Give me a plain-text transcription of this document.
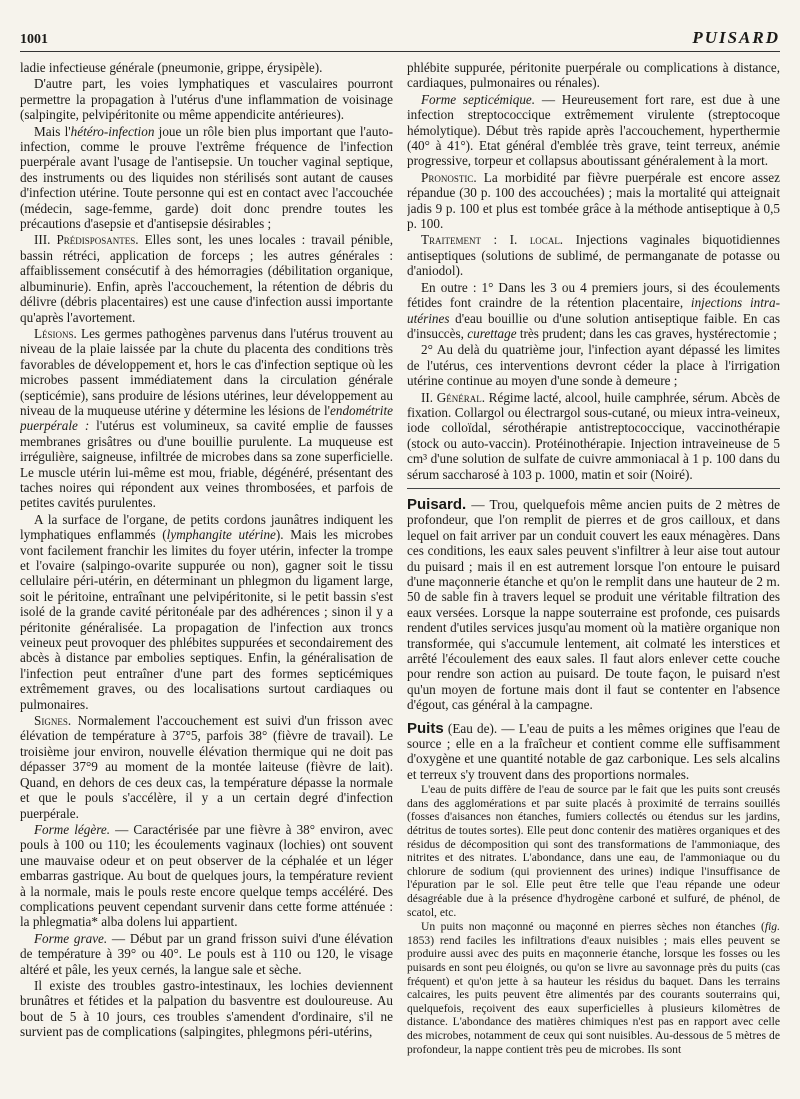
1001	PUISARD

ladie infectieuse générale (pneumonie, grippe, érysipèle).

D'autre part, les voies lymphatiques et vasculaires pourront permettre la propagation à l'utérus d'une inflammation de voisinage (salpingite, pelvipéritonite ou même appendicite antérieures).

Mais l'hétéro-infection joue un rôle bien plus important que l'auto-infection, comme le prouve l'extrême fréquence de l'infection puerpérale avant l'usage de l'antisepsie. Un toucher vaginal septique, des instruments ou des liquides non stérilisés sont autant de causes d'infection utérine. Toute personne qui est en contact avec l'accouchée (médecin, sage-femme, garde) doit donc prendre toutes les précautions d'asepsie et d'antisepsie désirables ;

III. Prédisposantes. Elles sont, les unes locales : travail pénible, bassin rétréci, application de forceps ; les autres générales : affaiblissement consécutif à des hémorragies (débilitation organique, albuminurie). Enfin, après l'accouchement, la rétention de débris du délivre (débris placentaires) est une cause d'infection aussi importante qu'après l'avortement.

Lésions. Les germes pathogènes parvenus dans l'utérus trouvent au niveau de la plaie laissée par la chute du placenta des conditions très favorables de développement et, hors le cas d'infection septique où les microbes passent immédiatement dans la circulation générale (septicémie), sans produire de lésions utérines, leur développement au niveau de la muqueuse utérine y détermine les lésions de l'endométrite puerpérale : l'utérus est volumineux, sa cavité emplie de fausses membranes grisâtres ou d'une bouillie purulente. La muqueuse est irrégulière, saigneuse, infiltrée de microbes dans sa zone superficielle. Le muscle utérin lui-même est mou, friable, dégénéré, présentant des taches noires qui répondent aux veines thrombosées, et parfois de petites cavités purulentes.

A la surface de l'organe, de petits cordons jaunâtres indiquent les lymphatiques enflammés (lymphangite utérine). Mais les microbes vont facilement franchir les limites du foyer utérin, infecter la trompe et l'ovaire (salpingo-ovarite suppurée ou non), gagner soit le tissu cellulaire péri-utérin, en déterminant un phlegmon du ligament large, soit le péritoine, entraînant une pelvipéritonite, si le petit bassin s'est isolé de la grande cavité péritonéale par des adhérences ; sinon il y a péritonite généralisée. La propagation de l'infection aux troncs veineux peut provoquer des phlébites suppurées et secondairement des abcès à distance par embolies septiques. Enfin, la généralisation de l'infection peut entraîner d'une part des formes septicémiques extrêmement graves, ou des localisations surtout cardiaques ou pulmonaires.

Signes. Normalement l'accouchement est suivi d'un frisson avec élévation de température à 37°5, parfois 38° (fièvre de travail). Le troisième jour environ, nouvelle élévation thermique qui ne doit pas dépasser 37°9 au moment de la montée laiteuse (fièvre de lait). Quand, en dehors de ces deux cas, la température dépasse la normale et que le pouls s'accélère, il y a un certain degré d'infection puerpérale.

Forme légère. — Caractérisée par une fièvre à 38° environ, avec pouls à 100 ou 110; les écoulements vaginaux (lochies) ont souvent une mauvaise odeur et on peut observer de la céphalée et un léger embarras gastrique. Au bout de quelques jours, la température revient à la normale, mais le pouls reste encore quelque temps accéléré. Des complications peuvent cependant survenir dans cette forme atténuée : la phlegmatia* alba dolens lui appartient.

Forme grave. — Début par un grand frisson suivi d'une élévation de température à 39° ou 40°. Le pouls est à 110 ou 120, le visage altéré et pâle, les yeux cernés, la langue sale et sèche.

Il existe des troubles gastro-intestinaux, les lochies deviennent brunâtres et fétides et la palpation du basventre est douloureuse. Au bout de 5 à 10 jours, ces troubles s'amendent d'ordinaire, s'il ne survient pas de complications (salpingites, phlegmons péri-utérins,

phlébite suppurée, péritonite puerpérale ou complications à distance, cardiaques, pulmonaires ou rénales).

Forme septicémique. — Heureusement fort rare, est due à une infection streptococcique extrêmement virulente (streptocoque hémolytique). Début très rapide après l'accouchement, hyperthermie (40° à 41°). Etat général d'emblée très grave, teint terreux, anémie progressive, torpeur et collapsus aboutissant généralement à la mort.

Pronostic. La morbidité par fièvre puerpérale est encore assez répandue (30 p. 100 des accouchées) ; mais la mortalité qui atteignait jadis 9 p. 100 et plus est tombée grâce à la méthode antiseptique à 0,5 p. 100.

Traitement : I. local. Injections vaginales biquotidiennes antiseptiques (solutions de sublimé, de permanganate de potasse ou d'aniodol).

En outre : 1° Dans les 3 ou 4 premiers jours, si des écoulements fétides font craindre de la rétention placentaire, injections intra-utérines d'eau bouillie ou d'une solution antiseptique faible. En cas d'insuccès, curettage très prudent; dans les cas graves, hystérectomie ;

2° Au delà du quatrième jour, l'infection ayant dépassé les limites de l'utérus, ces interventions devront céder la place à l'irrigation utérine continue au moyen d'une sonde à demeure ;

II. Général. Régime lacté, alcool, huile camphrée, sérum. Abcès de fixation. Collargol ou électrargol sous-cutané, ou mieux intra-veineux, iode colloïdal, sérothérapie antistreptococcique, vaccinothérapie (stock ou auto-vaccin). Protéinothérapie. Injection intraveineuse de 5 cm³ d'une solution de sulfate de cuivre ammoniacal à 1 p. 100 dans du sérum saccharosé à 103 p. 1000, matin et soir (Noiré).

Puisard. — Trou, quelquefois même ancien puits de 2 mètres de profondeur, que l'on remplit de pierres et de gros cailloux, et dans lequel on fait arriver par un conduit couvert les eaux ménagères. Dans ces conditions, les eaux sales peuvent s'infiltrer à leur aise tout autour du puisard ; mais il en est autrement lorsque l'on entoure le puisard d'une maçonnerie étanche et qu'on le remplit dans une hauteur de 2 m. 50 de sable fin à travers lequel se produit une véritable filtration des eaux versées. Lorsque la nappe souterraine est profonde, ces puisards rendent d'utiles services jusqu'au moment où la matière organique non transformée, qui s'accumule lentement, ait colmaté les interstices et arrêté l'écoulement des eaux sales. Il faut alors enlever cette couche pour rendre son action au puisard. De toute façon, le puisard n'est qu'un moyen de fortune mais dont il faut se contenter en l'absence d'égout, cas général à la campagne.

Puits (Eau de). — L'eau de puits a les mêmes origines que l'eau de source ; elle en a la fraîcheur et contient comme elle suffisamment d'oxygène et une quantité notable de gaz carbonique. Les sels alcalins et terreux s'y trouvent dans des proportions normales.

L'eau de puits diffère de l'eau de source par le fait que les puits sont creusés dans des agglomérations et par suite placés à proximité de terrains souillés (fosses d'aisances non étanches, fumiers collectés ou étendus sur les jardins, détritus de toutes sortes). Elle peut donc contenir des matières organiques et des résidus de décomposition qui sont des transformations de l'ammoniaque, des nitrites et des nitrates. L'abondance, dans une eau, de l'ammoniaque ou du chlorure de sodium (qui proviennent des urines) indique l'insuffisance de l'épuration par le sol. Elle peut être telle que l'eau répande une odeur désagréable due à la présence d'hydrogène carboné et sulfuré, de phénol, de scatol, etc.

Un puits non maçonné ou maçonné en pierres sèches non étanches (fig. 1853) rend faciles les infiltrations d'eaux nuisibles ; mais elles peuvent se produire aussi avec des puits en maçonnerie étanche, lorsque les fosses ou les puisards en sont peu éloignés, ou qu'on se livre au savonnage près du puits (cas fréquent) et qu'on jette à sa hauteur les résidus du baquet. Dans les terrains calcaires, les puits peuvent être alimentés par des courants souterrains qui, quelquefois, reçoivent des eaux superficielles à plusieurs kilomètres de distance. L'abondance des matières chimiques n'est pas en rapport avec celle des microbes, notamment de ceux qui sont nuisibles. Au-dessous de 5 mètres de profondeur, la nappe contient très peu de microbes. Ils sont
